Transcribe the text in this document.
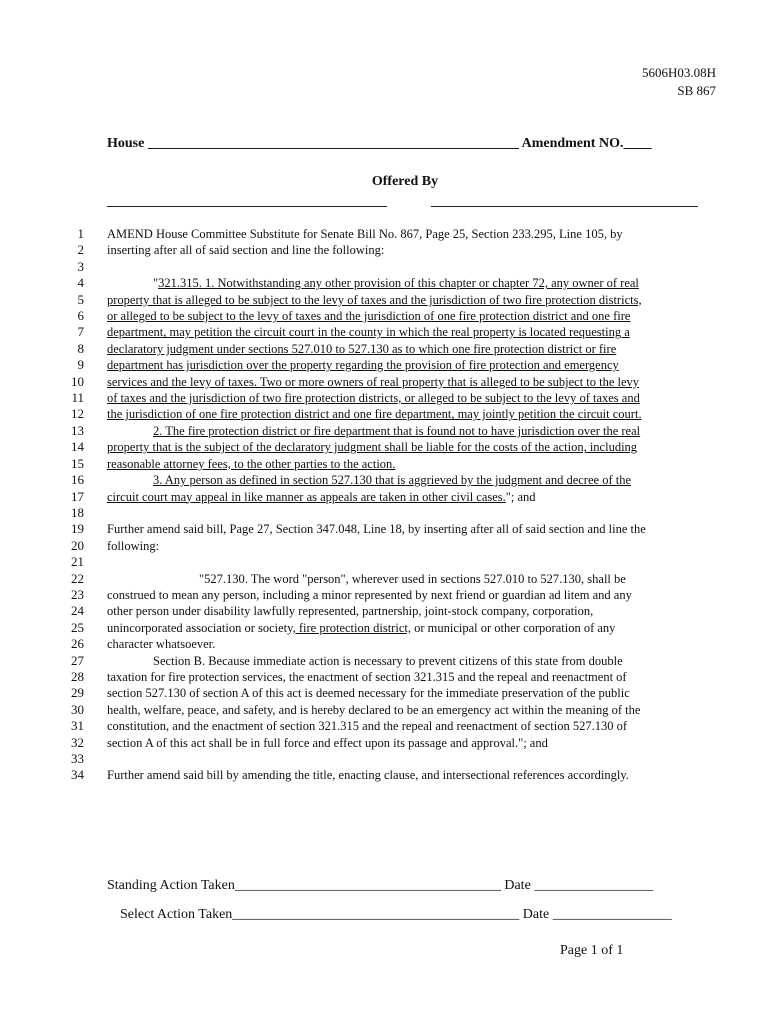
5606H03.08H
SB 867
House _____________________________________________________ Amendment NO.____
Offered By
1 AMEND House Committee Substitute for Senate Bill No. 867, Page 25, Section 233.295, Line 105, by
2 inserting after all of said section and line the following:
3
4	"321.315. 1. Notwithstanding any other provision of this chapter or chapter 72, any owner of real
5 property that is alleged to be subject to the levy of taxes and the jurisdiction of two fire protection districts,
6 or alleged to be subject to the levy of taxes and the jurisdiction of one fire protection district and one fire
7 department, may petition the circuit court in the county in which the real property is located requesting a
8 declaratory judgment under sections 527.010 to 527.130 as to which one fire protection district or fire
9 department has jurisdiction over the property regarding the provision of fire protection and emergency
10 services and the levy of taxes. Two or more owners of real property that is alleged to be subject to the levy
11 of taxes and the jurisdiction of two fire protection districts, or alleged to be subject to the levy of taxes and
12 the jurisdiction of one fire protection district and one fire department, may jointly petition the circuit court.
13	2. The fire protection district or fire department that is found not to have jurisdiction over the real
14 property that is the subject of the declaratory judgment shall be liable for the costs of the action, including
15 reasonable attorney fees, to the other parties to the action.
16	3. Any person as defined in section 527.130 that is aggrieved by the judgment and decree of the
17 circuit court may appeal in like manner as appeals are taken in other civil cases."; and
18
19 Further amend said bill, Page 27, Section 347.048, Line 18, by inserting after all of said section and line the
20 following:
21
22	"527.130. The word "person", wherever used in sections 527.010 to 527.130, shall be
23 construed to mean any person, including a minor represented by next friend or guardian ad litem and any
24 other person under disability lawfully represented, partnership, joint-stock company, corporation,
25 unincorporated association or society, fire protection district, or municipal or other corporation of any
26 character whatsoever.
27	Section B. Because immediate action is necessary to prevent citizens of this state from double
28 taxation for fire protection services, the enactment of section 321.315 and the repeal and reenactment of
29 section 527.130 of section A of this act is deemed necessary for the immediate preservation of the public
30 health, welfare, peace, and safety, and is hereby declared to be an emergency act within the meaning of the
31 constitution, and the enactment of section 321.315 and the repeal and reenactment of section 527.130 of
32 section A of this act shall be in full force and effect upon its passage and approval."; and
33
34 Further amend said bill by amending the title, enacting clause, and intersectional references accordingly.
Standing Action Taken______________________________________ Date _________________
Select Action Taken_________________________________________ Date _________________
Page 1 of 1
